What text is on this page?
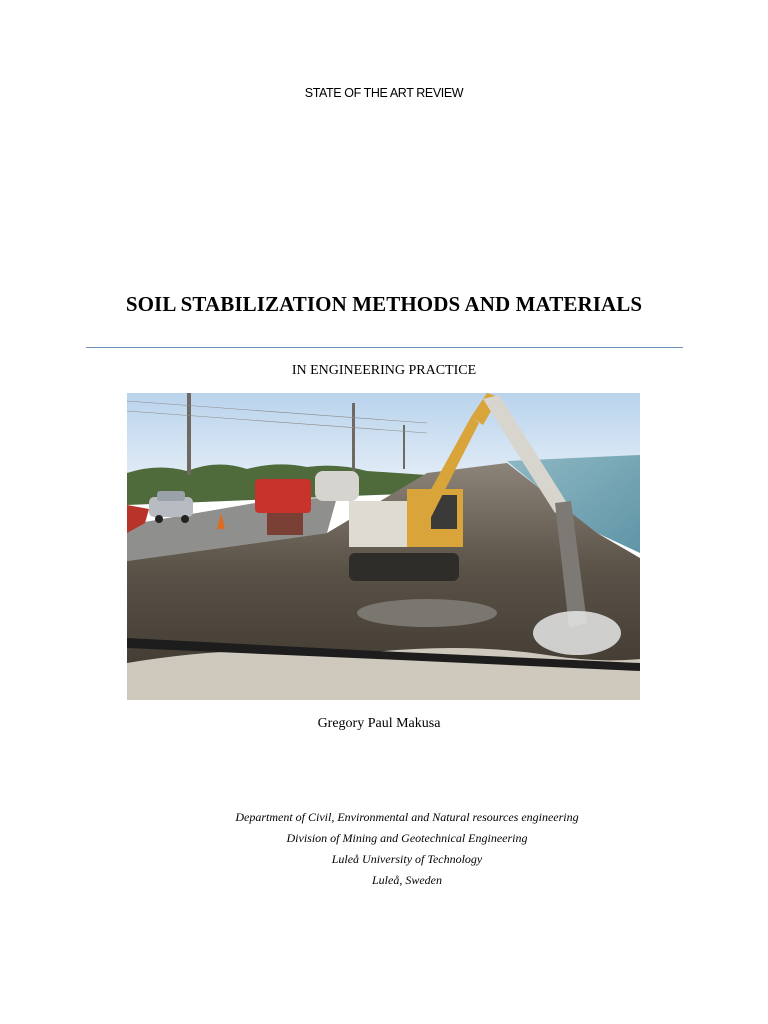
STATE OF THE ART REVIEW
SOIL STABILIZATION METHODS AND MATERIALS
IN ENGINEERING PRACTICE
Gregory Paul Makusa
Department of Civil, Environmental and Natural resources engineering
Division of Mining and Geotechnical Engineering
Luleå University of Technology
Luleå, Sweden
